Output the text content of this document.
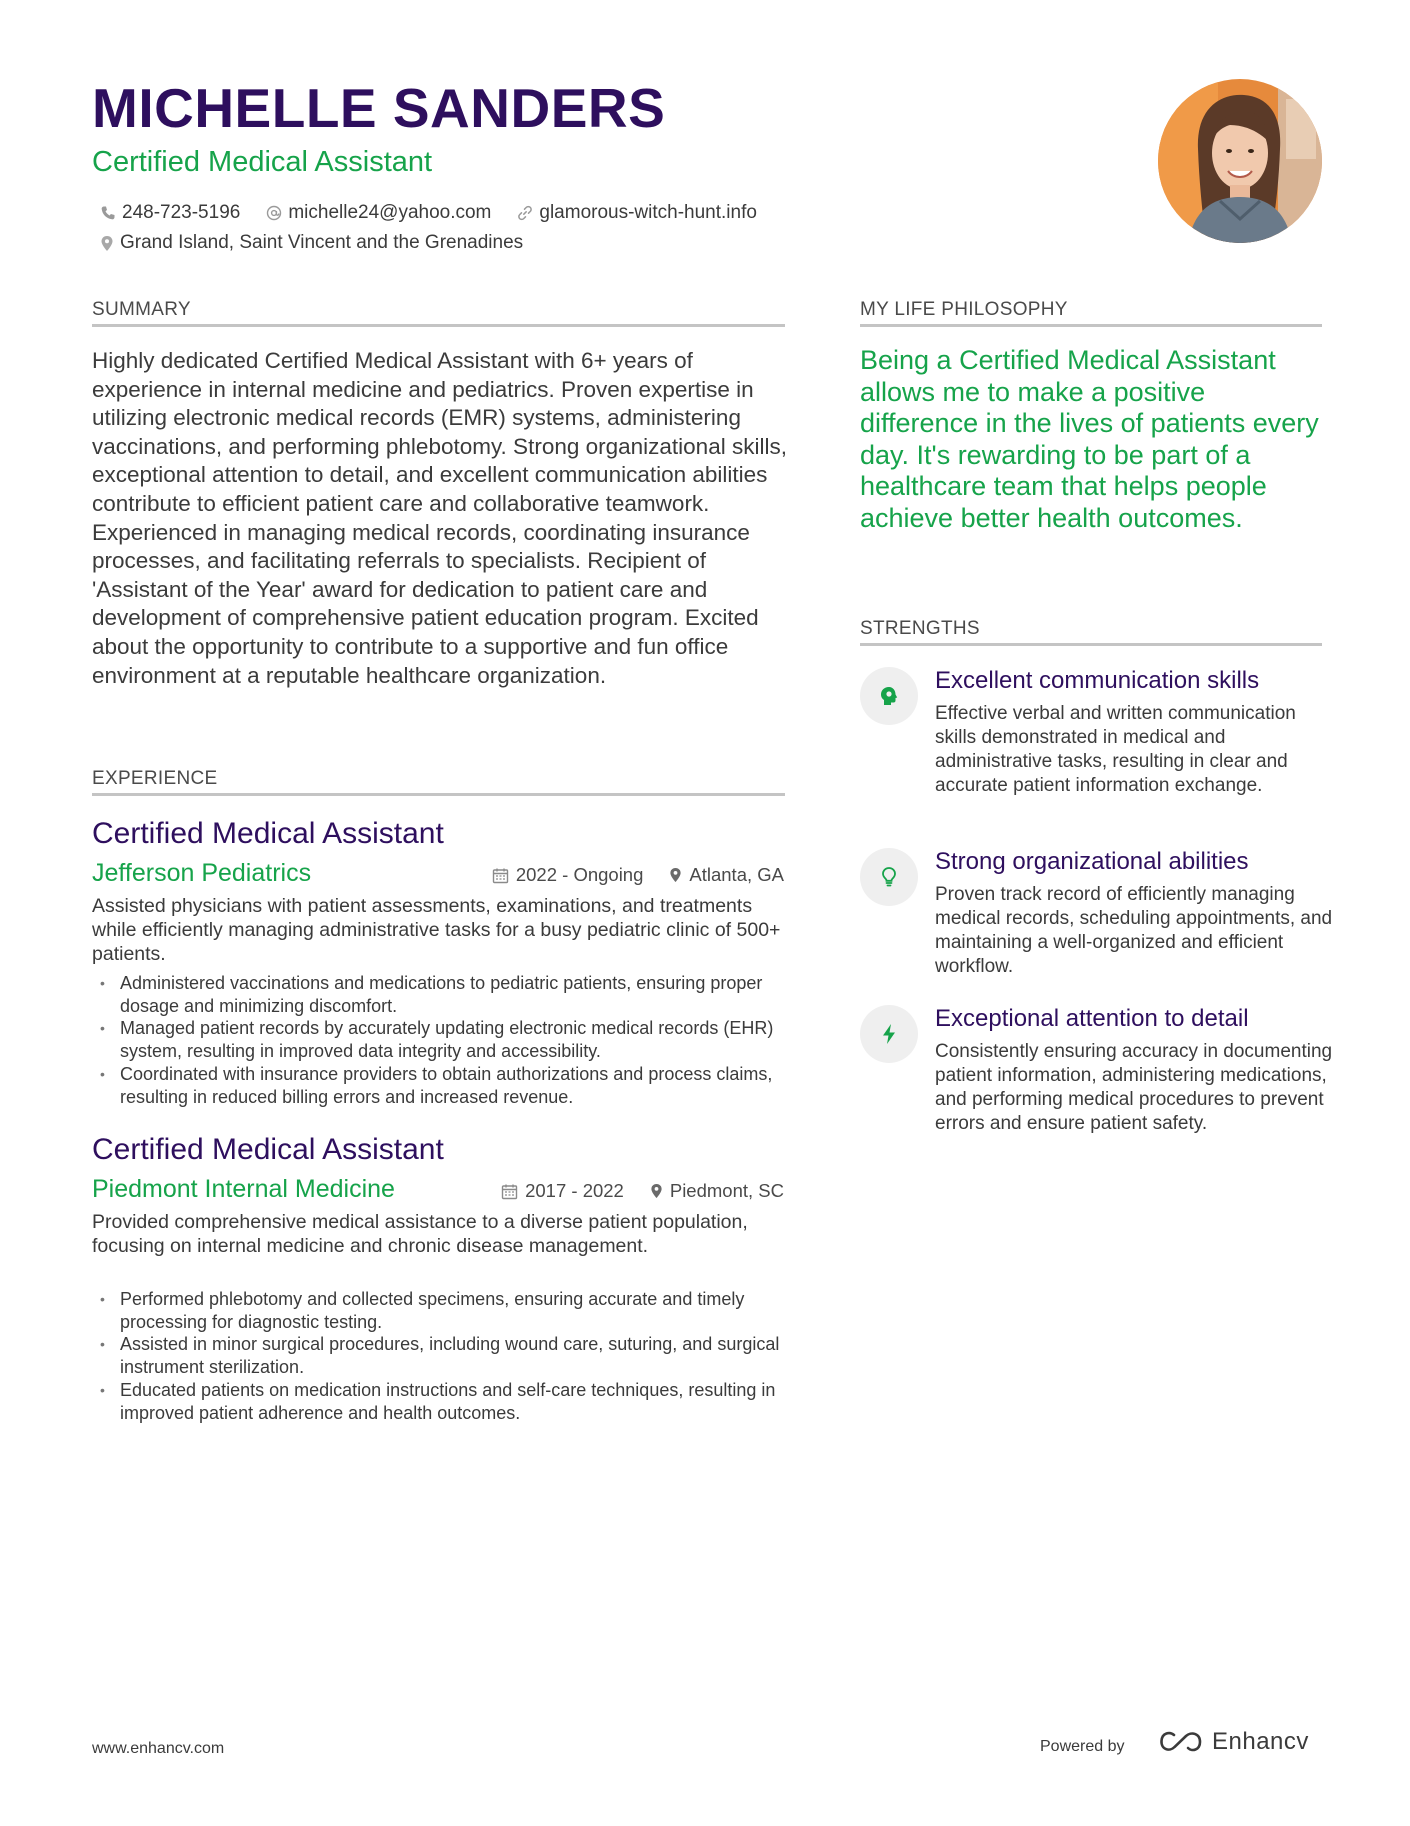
MICHELLE SANDERS
Certified Medical Assistant
248-723-5196	michelle24@yahoo.com	glamorous-witch-hunt.info
Grand Island, Saint Vincent and the Grenadines
SUMMARY
Highly dedicated Certified Medical Assistant with 6+ years of experience in internal medicine and pediatrics. Proven expertise in utilizing electronic medical records (EMR) systems, administering vaccinations, and performing phlebotomy. Strong organizational skills, exceptional attention to detail, and excellent communication abilities contribute to efficient patient care and collaborative teamwork. Experienced in managing medical records, coordinating insurance processes, and facilitating referrals to specialists. Recipient of 'Assistant of the Year' award for dedication to patient care and development of comprehensive patient education program. Excited about the opportunity to contribute to a supportive and fun office environment at a reputable healthcare organization.
EXPERIENCE
Certified Medical Assistant
Jefferson Pediatrics	2022 - Ongoing Atlanta, GA
Assisted physicians with patient assessments, examinations, and treatments while efficiently managing administrative tasks for a busy pediatric clinic of 500+ patients.
• Administered vaccinations and medications to pediatric patients, ensuring proper dosage and minimizing discomfort.
• Managed patient records by accurately updating electronic medical records (EHR) system, resulting in improved data integrity and accessibility.
• Coordinated with insurance providers to obtain authorizations and process claims, resulting in reduced billing errors and increased revenue.
Certified Medical Assistant
Piedmont Internal Medicine	2017 - 2022 Piedmont, SC
Provided comprehensive medical assistance to a diverse patient population, focusing on internal medicine and chronic disease management.
• Performed phlebotomy and collected specimens, ensuring accurate and timely processing for diagnostic testing.
• Assisted in minor surgical procedures, including wound care, suturing, and surgical instrument sterilization.
• Educated patients on medication instructions and self-care techniques, resulting in improved patient adherence and health outcomes.
MY LIFE PHILOSOPHY
Being a Certified Medical Assistant allows me to make a positive difference in the lives of patients every day. It's rewarding to be part of a healthcare team that helps people achieve better health outcomes.
STRENGTHS
Excellent communication skills
Effective verbal and written communication skills demonstrated in medical and administrative tasks, resulting in clear and accurate patient information exchange.
Strong organizational abilities
Proven track record of efficiently managing medical records, scheduling appointments, and maintaining a well-organized and efficient workflow.
Exceptional attention to detail
Consistently ensuring accuracy in documenting patient information, administering medications, and performing medical procedures to prevent errors and ensure patient safety.
www.enhancv.com	Powered by	Enhancv
